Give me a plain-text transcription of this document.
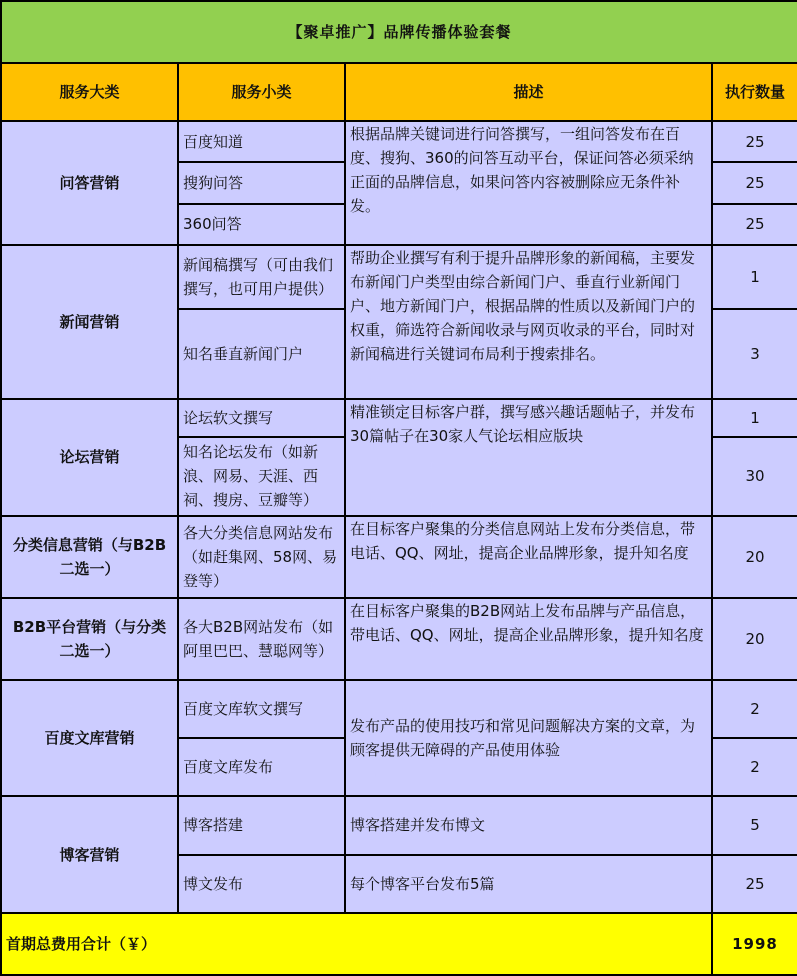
【聚卓推广】品牌传播体验套餐			
服务大类	服务小类	描述	执行数量
问答营销	百度知道	根据品牌关键词进行问答撰写，一组问答发布在百度、搜狗、360的问答互动平台，保证问答必须采纳正面的品牌信息，如果问答内容被删除应无条件补发。	25
	搜狗问答		25
	360问答		25
新闻营销	新闻稿撰写（可由我们撰写，也可用户提供）	帮助企业撰写有利于提升品牌形象的新闻稿，主要发布新闻门户类型由综合新闻门户、垂直行业新闻门户、地方新闻门户，根据品牌的性质以及新闻门户的权重，筛选符合新闻收录与网页收录的平台，同时对新闻稿进行关键词布局利于搜索排名。	1
	知名垂直新闻门户		3
论坛营销	论坛软文撰写	精准锁定目标客户群，撰写感兴趣话题帖子，并发布30篇帖子在30家人气论坛相应版块	1
	知名论坛发布（如新浪、网易、天涯、西祠、搜房、豆瓣等）		30
分类信息营销（与B2B二选一）	各大分类信息网站发布（如赶集网、58网、易登等）	在目标客户聚集的分类信息网站上发布分类信息，带电话、QQ、网址，提高企业品牌形象，提升知名度	20
B2B平台营销（与分类二选一）	各大B2B网站发布（如阿里巴巴、慧聪网等）	在目标客户聚集的B2B网站上发布品牌与产品信息，带电话、QQ、网址，提高企业品牌形象，提升知名度	20
百度文库营销	百度文库软文撰写	发布产品的使用技巧和常见问题解决方案的文章，为顾客提供无障碍的产品使用体验	2
	百度文库发布		2
博客营销	博客搭建	博客搭建并发布博文	5
	博文发布	每个博客平台发布5篇	25
首期总费用合计（￥）			1998
